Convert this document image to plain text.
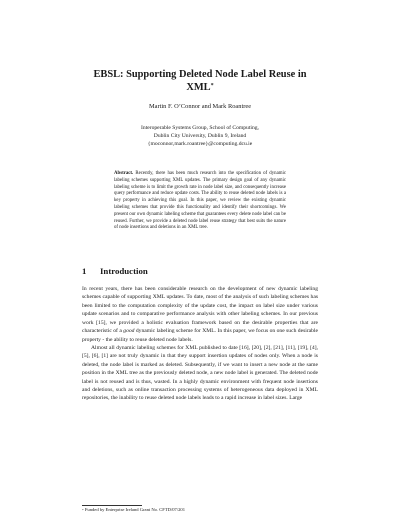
EBSL: Supporting Deleted Node Label Reuse in
XML*
Martin F. O’Connor and Mark Roantree
Interoperable Systems Group, School of Computing,
Dublin City University, Dublin 9, Ireland
{moconnor,mark.roantree}@computing.dcu.ie
Abstract. Recently, there has been much research into the specification of dynamic labeling schemes supporting XML updates. The primary design goal of any dynamic labeling scheme is to limit the growth rate in node label size, and consequently increase query performance and reduce update costs. The ability to reuse deleted node labels is a key property in achieving this goal. In this paper, we review the existing dynamic labeling schemes that provide this functionality and identify their shortcomings. We present our own dynamic labeling scheme that guarantees every delete node label can be reused. Further, we provide a deleted node label reuse strategy that best suits the nature of node insertions and deletions in an XML tree.
1 Introduction

In recent years, there has been considerable research on the development of new dynamic labeling schemes capable of supporting XML updates. To date, most of the analysis of such labeling schemes has been limited to the computation complexity of the update cost, the impact on label size under various update scenarios and to comparative performance analysis with other labeling schemes. In our previous work [15], we provided a holistic evaluation framework based on the desirable properties that are characteristic of a good dynamic labeling scheme for XML. In this paper, we focus on one such desirable property - the ability to reuse deleted node labels.

Almost all dynamic labeling schemes for XML published to date [16], [20], [2], [21], [11], [19], [4], [5], [6], [1] are not truly dynamic in that they support insertion updates of nodes only. When a node is deleted, the node label is marked as deleted. Subsequently, if we want to insert a new node at the same position in the XML tree as the previously deleted node, a new node label is generated. The deleted node label is not reused and is thus, wasted. In a highly dynamic environment with frequent node insertions and deletions, such as online transaction processing systems of heterogeneous data deployed in XML repositories, the inability to reuse deleted node labels leads to a rapid increase in label sizes. Large

* Funded by Enterprise Ireland Grant No. CFTD/07/201
